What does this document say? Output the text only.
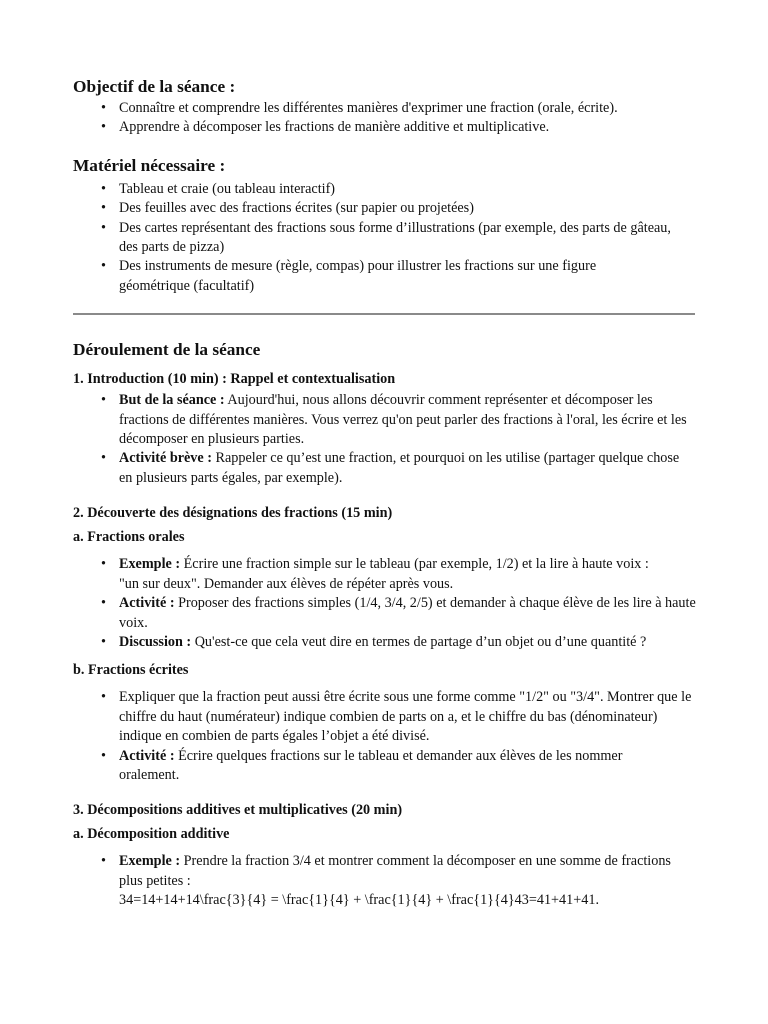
Objectif de la séance :
• Connaître et comprendre les différentes manières d'exprimer une fraction (orale, écrite).
• Apprendre à décomposer les fractions de manière additive et multiplicative.
Matériel nécessaire :
• Tableau et craie (ou tableau interactif)
• Des feuilles avec des fractions écrites (sur papier ou projetées)
• Des cartes représentant des fractions sous forme d’illustrations (par exemple, des parts de gâteau, des parts de pizza)
• Des instruments de mesure (règle, compas) pour illustrer les fractions sur une figure géométrique (facultatif)
Déroulement de la séance
1. Introduction (10 min) : Rappel et contextualisation
• But de la séance : Aujourd'hui, nous allons découvrir comment représenter et décomposer les fractions de différentes manières. Vous verrez qu'on peut parler des fractions à l'oral, les écrire et les décomposer en plusieurs parties.
• Activité brève : Rappeler ce qu’est une fraction, et pourquoi on les utilise (partager quelque chose en plusieurs parts égales, par exemple).
2. Découverte des désignations des fractions (15 min)
a. Fractions orales
• Exemple : Écrire une fraction simple sur le tableau (par exemple, 1/2) et la lire à haute voix : "un sur deux". Demander aux élèves de répéter après vous.
• Activité : Proposer des fractions simples (1/4, 3/4, 2/5) et demander à chaque élève de les lire à haute voix.
• Discussion : Qu'est-ce que cela veut dire en termes de partage d’un objet ou d’une quantité ?
b. Fractions écrites
• Expliquer que la fraction peut aussi être écrite sous une forme comme "1/2" ou "3/4". Montrer que le chiffre du haut (numérateur) indique combien de parts on a, et le chiffre du bas (dénominateur) indique en combien de parts égales l’objet a été divisé.
• Activité : Écrire quelques fractions sur le tableau et demander aux élèves de les nommer oralement.
3. Décompositions additives et multiplicatives (20 min)
a. Décomposition additive
• Exemple : Prendre la fraction 3/4 et montrer comment la décomposer en une somme de fractions plus petites :
34=14+14+14\frac{3}{4} = \frac{1}{4} + \frac{1}{4} + \frac{1}{4}43=41+41+41.
